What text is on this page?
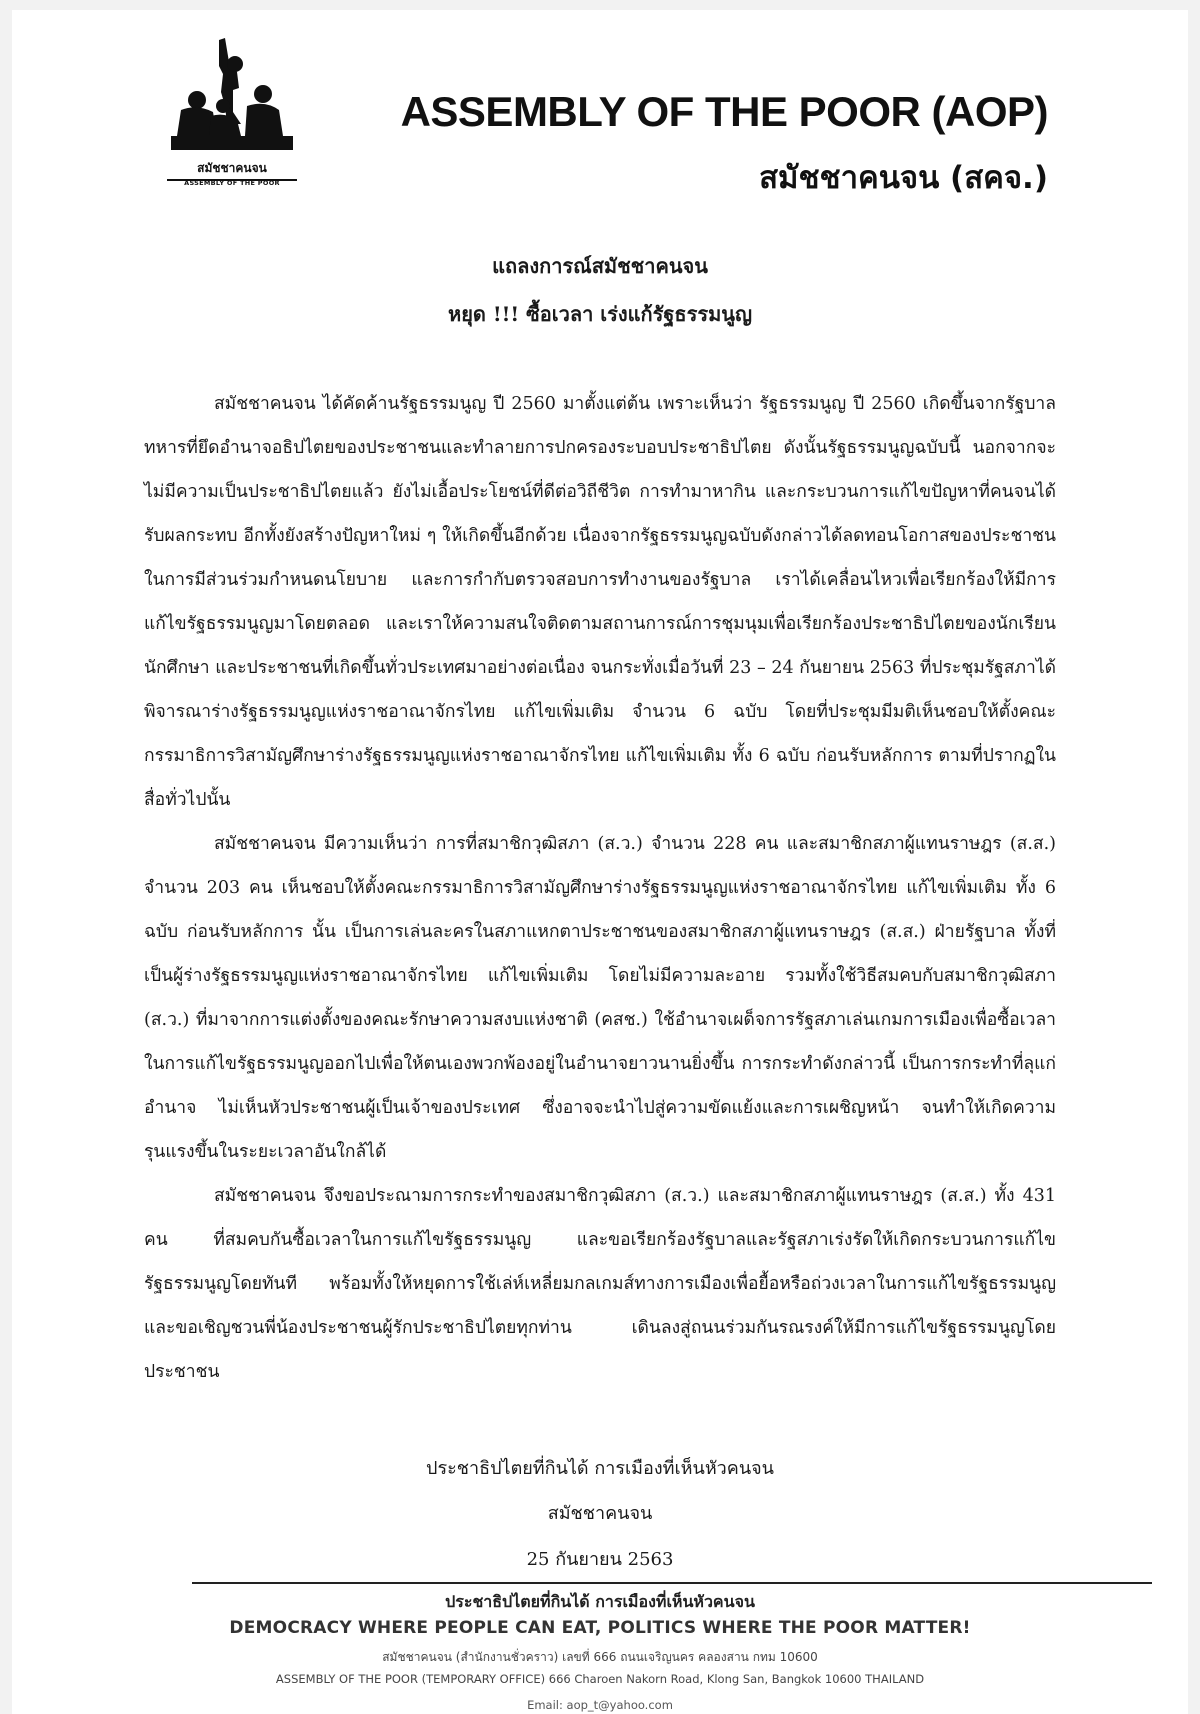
สมัชชาคนจน
ASSEMBLY OF THE POOR
ASSEMBLY OF THE POOR (AOP)
สมัชชาคนจน (สคจ.)
แถลงการณ์สมัชชาคนจน
หยุด !!! ซื้อเวลา เร่งแก้รัฐธรรมนูญ

สมัชชาคนจน ได้คัดค้านรัฐธรรมนูญ ปี 2560 มาตั้งแต่ต้น เพราะเห็นว่า รัฐธรรมนูญ ปี 2560 เกิดขึ้นจากรัฐบาลทหารที่ยึดอำนาจอธิปไตยของประชาชนและทำลายการปกครองระบอบประชาธิปไตย ดังนั้นรัฐธรรมนูญฉบับนี้ นอกจากจะไม่มีความเป็นประชาธิปไตยแล้ว ยังไม่เอื้อประโยชน์ที่ดีต่อวิถีชีวิต การทำมาหากิน และกระบวนการแก้ไขปัญหาที่คนจนได้รับผลกระทบ อีกทั้งยังสร้างปัญหาใหม่ ๆ ให้เกิดขึ้นอีกด้วย เนื่องจากรัฐธรรมนูญฉบับดังกล่าวได้ลดทอนโอกาสของประชาชนในการมีส่วนร่วมกำหนดนโยบาย และการกำกับตรวจสอบการทำงานของรัฐบาล เราได้เคลื่อนไหวเพื่อเรียกร้องให้มีการแก้ไขรัฐธรรมนูญมาโดยตลอด และเราให้ความสนใจติดตามสถานการณ์การชุมนุมเพื่อเรียกร้องประชาธิปไตยของนักเรียน นักศึกษา และประชาชนที่เกิดขึ้นทั่วประเทศมาอย่างต่อเนื่อง จนกระทั่งเมื่อวันที่ 23 – 24 กันยายน 2563 ที่ประชุมรัฐสภาได้พิจารณาร่างรัฐธรรมนูญแห่งราชอาณาจักรไทย แก้ไขเพิ่มเติม จำนวน 6 ฉบับ โดยที่ประชุมมีมติเห็นชอบให้ตั้งคณะกรรมาธิการวิสามัญศึกษาร่างรัฐธรรมนูญแห่งราชอาณาจักรไทย แก้ไขเพิ่มเติม ทั้ง 6 ฉบับ ก่อนรับหลักการ ตามที่ปรากฏในสื่อทั่วไปนั้น

สมัชชาคนจน มีความเห็นว่า การที่สมาชิกวุฒิสภา (ส.ว.) จำนวน 228 คน และสมาชิกสภาผู้แทนราษฎร (ส.ส.) จำนวน 203 คน เห็นชอบให้ตั้งคณะกรรมาธิการวิสามัญศึกษาร่างรัฐธรรมนูญแห่งราชอาณาจักรไทย แก้ไขเพิ่มเติม ทั้ง 6 ฉบับ ก่อนรับหลักการ นั้น เป็นการเล่นละครในสภาแหกตาประชาชนของสมาชิกสภาผู้แทนราษฎร (ส.ส.) ฝ่ายรัฐบาล ทั้งที่เป็นผู้ร่างรัฐธรรมนูญแห่งราชอาณาจักรไทย แก้ไขเพิ่มเติม โดยไม่มีความละอาย รวมทั้งใช้วิธีสมคบกับสมาชิกวุฒิสภา (ส.ว.) ที่มาจากการแต่งตั้งของคณะรักษาความสงบแห่งชาติ (คสช.) ใช้อำนาจเผด็จการรัฐสภาเล่นเกมการเมืองเพื่อซื้อเวลาในการแก้ไขรัฐธรรมนูญออกไปเพื่อให้ตนเองพวกพ้องอยู่ในอำนาจยาวนานยิ่งขึ้น การกระทำดังกล่าวนี้ เป็นการกระทำที่ลุแก่อำนาจ ไม่เห็นหัวประชาชนผู้เป็นเจ้าของประเทศ ซึ่งอาจจะนำไปสู่ความขัดแย้งและการเผชิญหน้า จนทำให้เกิดความรุนแรงขึ้นในระยะเวลาอันใกล้ได้

สมัชชาคนจน จึงขอประณามการกระทำของสมาชิกวุฒิสภา (ส.ว.) และสมาชิกสภาผู้แทนราษฎร (ส.ส.) ทั้ง 431 คน ที่สมคบกันซื้อเวลาในการแก้ไขรัฐธรรมนูญ และขอเรียกร้องรัฐบาลและรัฐสภาเร่งรัดให้เกิดกระบวนการแก้ไขรัฐธรรมนูญโดยทันที พร้อมทั้งให้หยุดการใช้เล่ห์เหลี่ยมกลเกมส์ทางการเมืองเพื่อยื้อหรือถ่วงเวลาในการแก้ไขรัฐธรรมนูญ และขอเชิญชวนพี่น้องประชาชนผู้รักประชาธิปไตยทุกท่าน เดินลงสู่ถนนร่วมกันรณรงค์ให้มีการแก้ไขรัฐธรรมนูญโดยประชาชน

ประชาธิปไตยที่กินได้ การเมืองที่เห็นหัวคนจน
สมัชชาคนจน
25 กันยายน 2563
ประชาธิปไตยที่กินได้ การเมืองที่เห็นหัวคนจน
DEMOCRACY WHERE PEOPLE CAN EAT, POLITICS WHERE THE POOR MATTER!
สมัชชาคนจน (สำนักงานชั่วคราว) เลขที่ 666 ถนนเจริญนคร คลองสาน กทม 10600
ASSEMBLY OF THE POOR (TEMPORARY OFFICE) 666 Charoen Nakorn Road, Klong San, Bangkok 10600 THAILAND
Email: aop_t@yahoo.com
